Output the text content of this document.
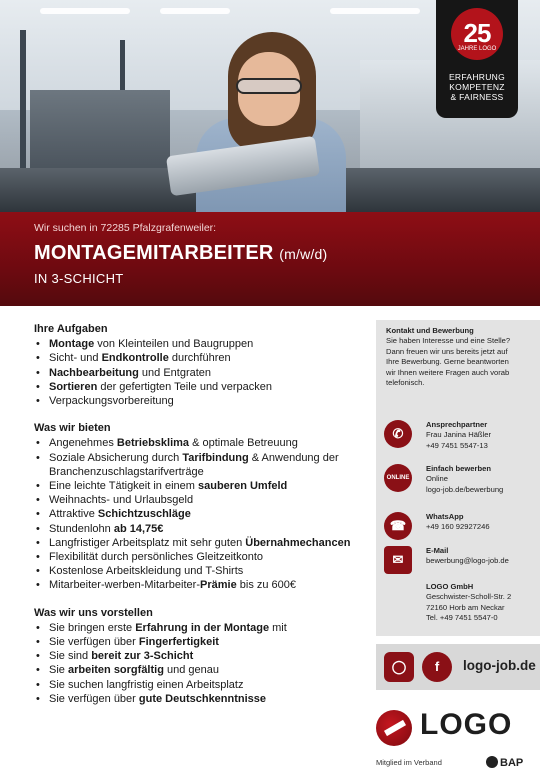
25
JAHRE LOGO
ERFAHRUNG
KOMPETENZ
& FAIRNESS
Wir suchen in 72285 Pfalzgrafenweiler:
MONTAGEMITARBEITER (m/w/d)
IN 3-SCHICHT
Ihre Aufgaben
• Montage von Kleinteilen und Baugruppen
• Sicht- und Endkontrolle durchführen
• Nachbearbeitung und Entgraten
• Sortieren der gefertigten Teile und verpacken
• Verpackungsvorbereitung
Was wir bieten
• Angenehmes Betriebsklima & optimale Betreuung
• Soziale Absicherung durch Tarifbindung & Anwendung der Branchenzuschlagstarifverträge
• Eine leichte Tätigkeit in einem sauberen Umfeld
• Weihnachts- und Urlaubsgeld
• Attraktive Schichtzuschläge
• Stundenlohn ab 14,75€
• Langfristiger Arbeitsplatz mit sehr guten Übernahmechancen
• Flexibilität durch persönliches Gleitzeitkonto
• Kostenlose Arbeitskleidung und T-Shirts
• Mitarbeiter-werben-Mitarbeiter-Prämie bis zu 600€
Was wir uns vorstellen
• Sie bringen erste Erfahrung in der Montage mit
• Sie verfügen über Fingerfertigkeit
• Sie sind bereit zur 3-Schicht
• Sie arbeiten sorgfältig und genau
• Sie suchen langfristig einen Arbeitsplatz
• Sie verfügen über gute Deutschkenntnisse
Kontakt und Bewerbung
Sie haben Interesse und eine Stelle? Dann freuen wir uns bereits jetzt auf Ihre Bewerbung. Gerne beantworten wir Ihnen weitere Fragen auch vorab telefonisch.
✆
Ansprechpartner
Frau Janina Häßler
+49 7451 5547-13
ONLINE
Einfach bewerben
Online
logo-job.de/bewerbung
☎
WhatsApp
+49 160 92927246
✉
E-Mail
bewerbung@logo-job.de
LOGO GmbH
Geschwister-Scholl-Str. 2
72160 Horb am Neckar
Tel. +49 7451 5547-0
◯	f	logo-job.de
LOGO
Mitglied im Verband	BAP
